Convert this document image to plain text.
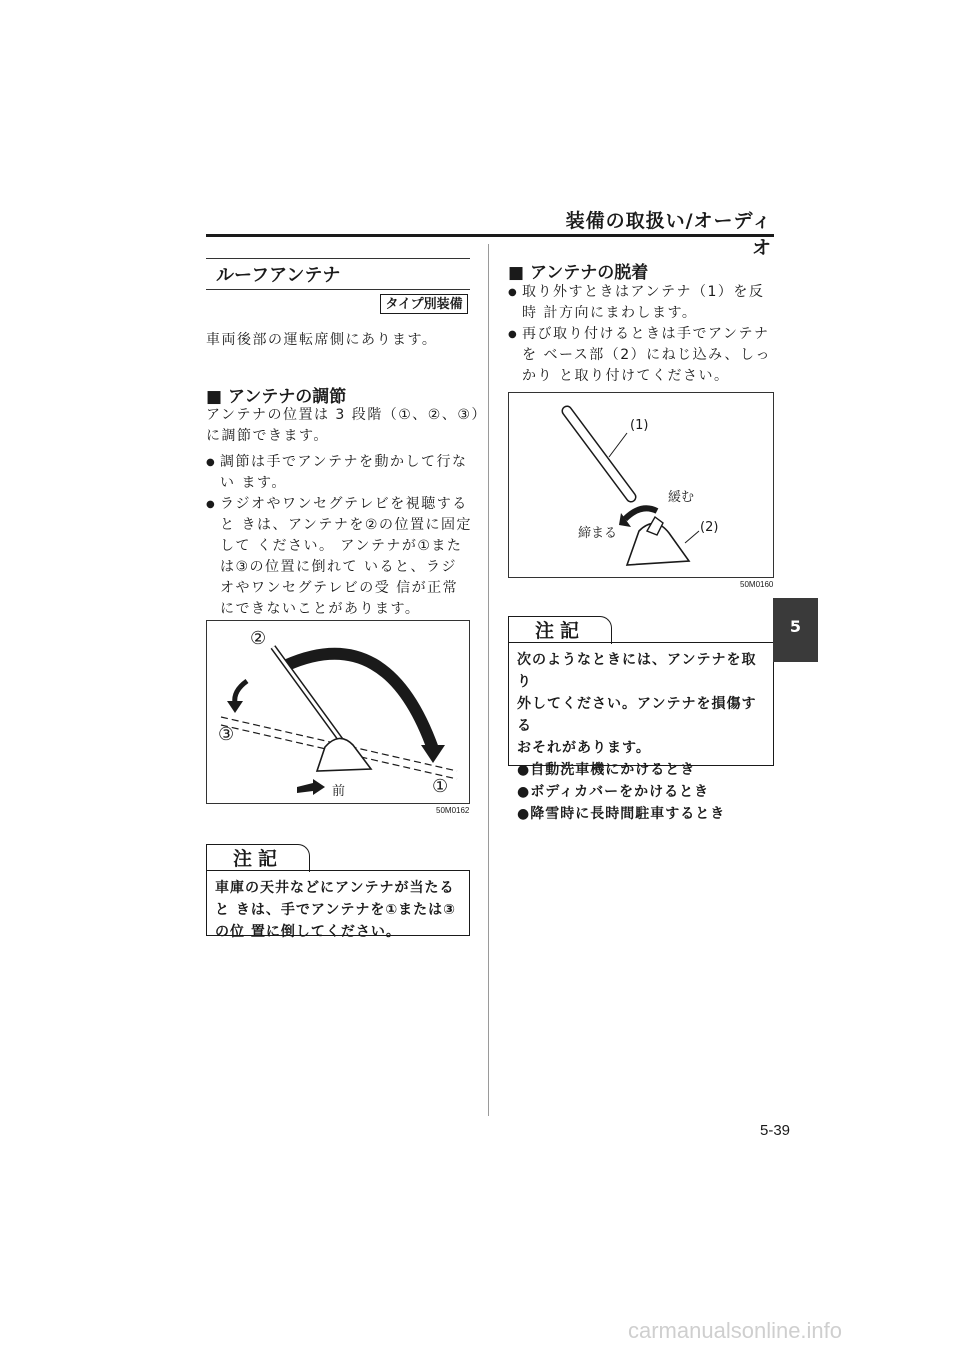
装備の取扱い/オーディオ
ルーフアンテナ
タイプ別装備
車両後部の運転席側にあります。
■ アンテナの調節
アンテナの位置は 3 段階（①、②、③）
に調節できます。
● 調節は手でアンテナを動かして行ない ます。
● ラジオやワンセグテレビを視聴すると きは、アンテナを②の位置に固定して ください。 アンテナが①または③の位置に倒れて いると、ラジオやワンセグテレビの受 信が正常にできないことがあります。
②
③
①
前
50M0162
注記
車庫の天井などにアンテナが当たると きは、手でアンテナを①または③の位 置に倒してください。
■ アンテナの脱着
● 取り外すときはアンテナ（1）を反時 計方向にまわします。
● 再び取り付けるときは手でアンテナを ベース部（2）にねじ込み、しっかり と取り付けてください。
(1)
緩む
締まる	(2)
50M0160
注記
次のようなときには、アンテナを取り
外してください。アンテナを損傷する
おそれがあります。
●自動洗車機にかけるとき
●ボディカバーをかけるとき
●降雪時に長時間駐車するとき
5
5-39
carmanualsonline.info
